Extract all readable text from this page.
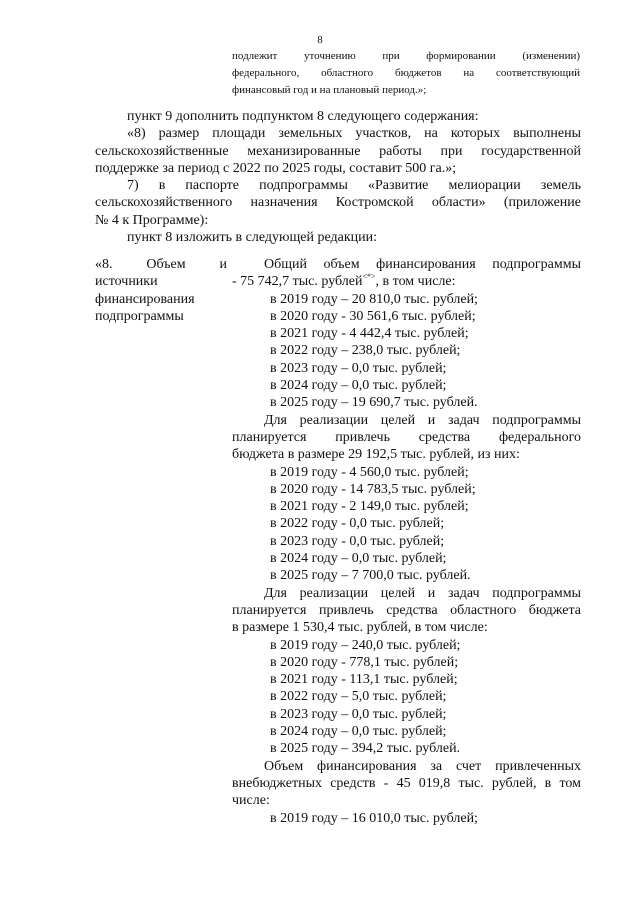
8
подлежит уточнению при формировании (изменении)
федерального, областного бюджетов на соответствующий
финансовый год и на плановый период.»;

пункт 9 дополнить подпунктом 8 следующего содержания:

«8) размер площади земельных участков, на которых выполнены

сельскохозяйственные механизированные работы при государственной

поддержке за период с 2022 по 2025 годы, составит 500 га.»;

7) в паспорте подпрограммы «Развитие мелиорации земель

сельскохозяйственного назначения Костромской области» (приложение

№ 4 к Программе):

пункт 8 изложить в следующей редакции:

«8. Объем и
источники
финансирования
подпрограммы
Общий объем финансирования подпрограммы
- 75 742,7 тыс. рублей<*>, в том числе:
в 2019 году – 20 810,0 тыс. рублей;
в 2020 году - 30 561,6 тыс. рублей;
в 2021 году - 4 442,4 тыс. рублей;
в 2022 году – 238,0 тыс. рублей;
в 2023 году – 0,0 тыс. рублей;
в 2024 году – 0,0 тыс. рублей;
в 2025 году – 19 690,7 тыс. рублей.
Для реализации целей и задач подпрограммы
планируется привлечь средства федерального
бюджета в размере 29 192,5 тыс. рублей, из них:
в 2019 году - 4 560,0 тыс. рублей;
в 2020 году - 14 783,5 тыс. рублей;
в 2021 году - 2 149,0 тыс. рублей;
в 2022 году - 0,0 тыс. рублей;
в 2023 году - 0,0 тыс. рублей;
в 2024 году – 0,0 тыс. рублей;
в 2025 году – 7 700,0 тыс. рублей.
Для реализации целей и задач подпрограммы
планируется привлечь средства областного бюджета
в размере 1 530,4 тыс. рублей, в том числе:
в 2019 году – 240,0 тыс. рублей;
в 2020 году - 778,1 тыс. рублей;
в 2021 году - 113,1 тыс. рублей;
в 2022 году – 5,0 тыс. рублей;
в 2023 году – 0,0 тыс. рублей;
в 2024 году – 0,0 тыс. рублей;
в 2025 году – 394,2 тыс. рублей.
Объем финансирования за счет привлеченных
внебюджетных средств - 45 019,8 тыс. рублей, в том
числе:
в 2019 году – 16 010,0 тыс. рублей;
